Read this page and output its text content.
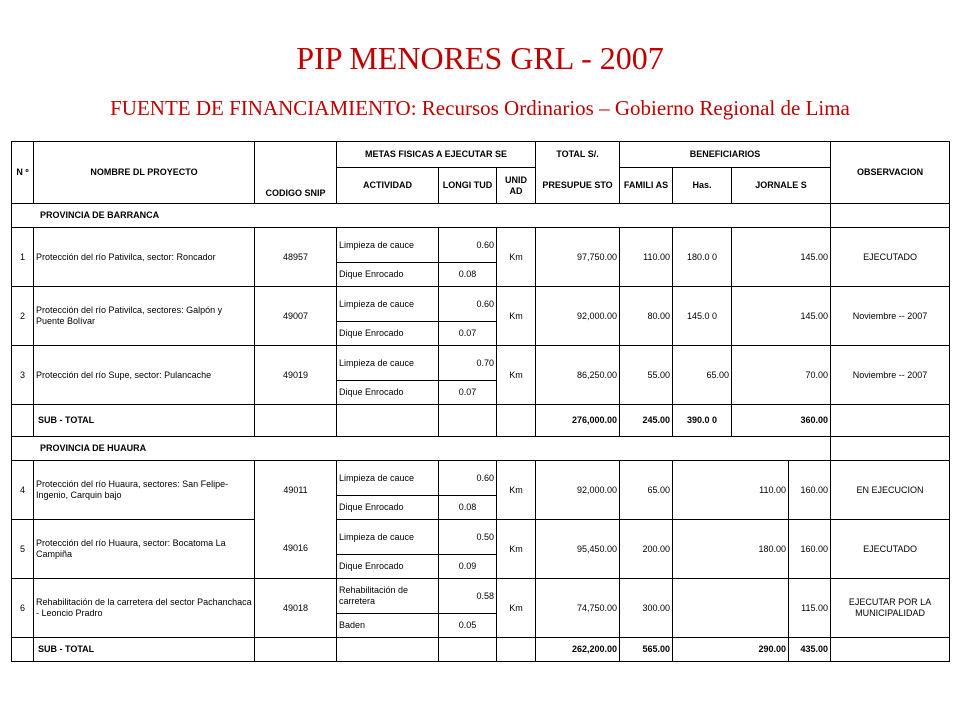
PIP MENORES GRL - 2007
FUENTE DE FINANCIAMIENTO: Recursos Ordinarios – Gobierno Regional de Lima
N º	NOMBRE DL PROYECTO	CODIGO SNIP	METAS FISICAS A EJECUTAR SE			TOTAL S/.	BENEFICIARIOS				OBSERVACION
			ACTIVIDAD	LONGI TUD	UNID AD	PRESUPUE STO	FAMILI AS	Has.	JORNALE S		
PROVINCIA DE BARRANCA											
1	Protección del río Pativilca, sector: Roncador	48957	Limpieza de cauce	0.60	Km	97,750.00	110.00	180.0 0	145.00		EJECUTADO
			Dique Enrocado	0.08							
2	Protección del río Pativilca, sectores: Galpón y Puente Bolívar	49007	Limpieza de cauce	0.60	Km	92,000.00	80.00	145.0 0	145.00		Noviembre -- 2007
			Dique Enrocado	0.07							
3	Protección del río Supe, sector: Pulancache	49019	Limpieza de cauce	0.70	Km	86,250.00	55.00	65.00	70.00		Noviembre -- 2007
			Dique Enrocado	0.07							
	SUB - TOTAL					276,000.00	245.00	390.0 0	360.00		
PROVINCIA DE HUAURA											
4	Protección del río Huaura, sectores: San Felipe-Ingenio, Carquin bajo	49011	Limpieza de cauce	0.60	Km	92,000.00	65.00	110.00		160.00	EN EJECUCION
			Dique Enrocado	0.08							
5	Protección del río Huaura, sector: Bocatoma La Campiña	49016	Limpieza de cauce	0.50	Km	95,450.00	200.00	180.00		160.00	EJECUTADO
			Dique Enrocado	0.09							
6	Rehabilitación de la carretera del sector Pachanchaca - Leoncio Pradro	49018	Rehabilitación de carretera	0.58	Km	74,750.00	300.00			115.00	EJECUTAR POR LA MUNICIPALIDAD
			Baden	0.05							
	SUB - TOTAL					262,200.00	565.00	290.00		435.00	
